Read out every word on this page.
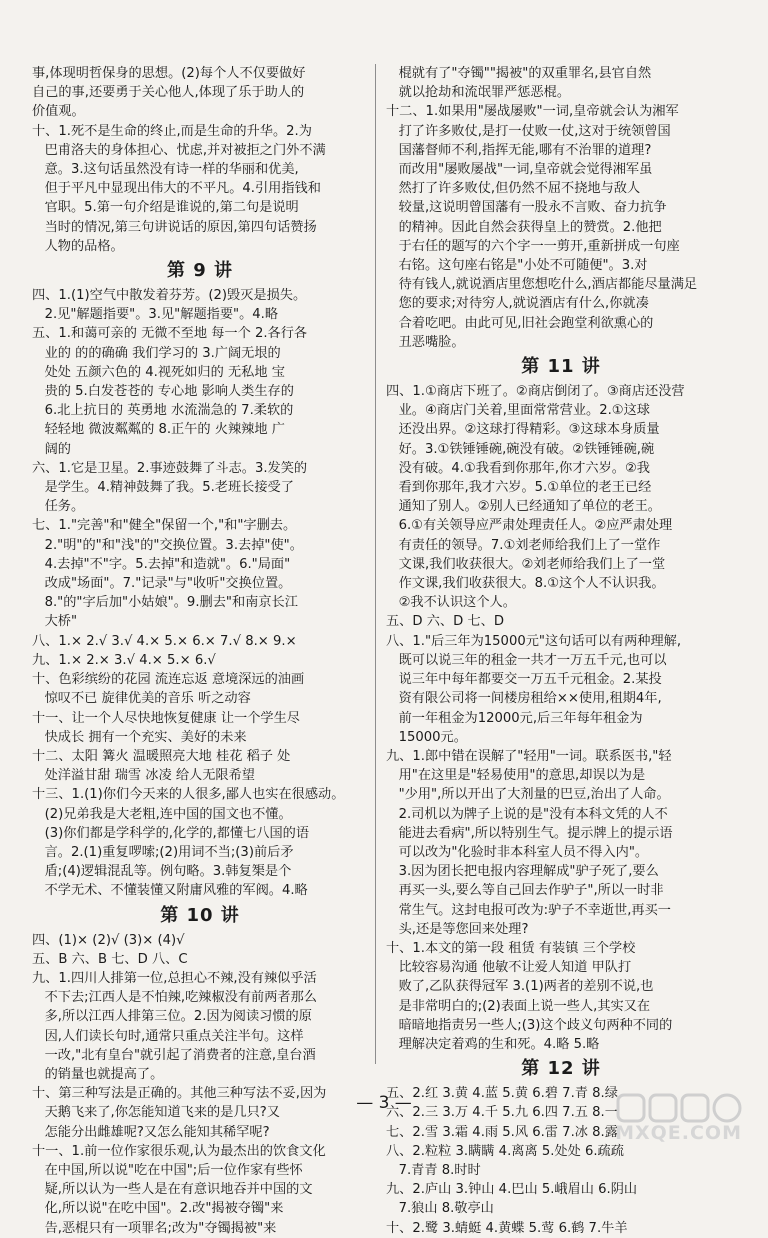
事,体现明哲保身的思想。(2)每个人不仅要做好
自己的事,还要勇于关心他人,体现了乐于助人的
价值观。
十、1.死不是生命的终止,而是生命的升华。2.为
巴甫洛夫的身体担心、忧虑,并对被拒之门外不满
意。3.这句话虽然没有诗一样的华丽和优美,
但于平凡中显现出伟大的不平凡。4.引用指钱和
官职。5.第一句介绍是谁说的,第二句是说明
当时的情况,第三句讲说话的原因,第四句话赞扬
人物的品格。
第 9 讲
四、1.(1)空气中散发着芬芳。(2)毁灭是损失。
2.见"解题指要"。3.见"解题指要"。4.略
五、1.和蔼可亲的 无微不至地 每一个 2.各行各
业的 的的确确 我们学习的 3.广阔无垠的
处处 五颜六色的 4.视死如归的 无私地 宝
贵的 5.白发苍苍的 专心地 影响人类生存的
6.北上抗日的 英勇地 水流湍急的 7.柔软的
轻轻地 微波粼粼的 8.正午的 火辣辣地 广
阔的
六、1.它是卫星。2.事迹鼓舞了斗志。3.发笑的
是学生。4.精神鼓舞了我。5.老班长接受了
任务。
七、1."完善"和"健全"保留一个,"和"字删去。
2."明"的"和"浅"的"交换位置。3.去掉"使"。
4.去掉"不"字。5.去掉"和造就"。6."局面"
改成"场面"。7."记录"与"收听"交换位置。
8."的"字后加"小姑娘"。9.删去"和南京长江
大桥"
八、1.× 2.√ 3.√ 4.× 5.× 6.× 7.√ 8.× 9.×
九、1.× 2.× 3.√ 4.× 5.× 6.√
十、色彩缤纷的花园 流连忘返 意境深远的油画
惊叹不已 旋律优美的音乐 听之动容
十一、让一个人尽快地恢复健康 让一个学生尽
快成长 拥有一个充实、美好的未来
十二、太阳 篝火 温暖照亮大地 桂花 稻子 处
处洋溢甘甜 瑞雪 冰凌 给人无限希望
十三、1.(1)你们今天来的人很多,鄙人也实在很感动。
(2)兄弟我是大老粗,连中国的国文也不懂。
(3)你们都是学科学的,化学的,都懂七八国的语
言。2.(1)重复啰嗦;(2)用词不当;(3)前后矛
盾;(4)逻辑混乱等。例句略。3.韩复榘是个
不学无术、不懂装懂又附庸风雅的军阀。4.略
第 10 讲
四、(1)× (2)√ (3)× (4)√
五、B 六、B 七、D 八、C
九、1.四川人排第一位,总担心不辣,没有辣似乎活
不下去;江西人是不怕辣,吃辣椒没有前两者那么
多,所以江西人排第三位。2.因为阅读习惯的原
因,人们读长句时,通常只重点关注半句。这样
一改,"北有皇台"就引起了消费者的注意,皇台酒
的销量也就提高了。
十、第三种写法是正确的。其他三种写法不妥,因为
天鹅飞来了,你怎能知道飞来的是几只?又
怎能分出雌雄呢?又怎么能知其稀罕呢?
十一、1.前一位作家很乐观,认为最杰出的饮食文化
在中国,所以说"吃在中国";后一位作家有些怀
疑,所以认为一些人是在有意识地吞并中国的文
化,所以说"在吃中国"。2.改"揭被夺镯"来
告,恶棍只有一项罪名;改为"夺镯揭被"来
棍就有了"夺镯""揭被"的双重罪名,县官自然
就以抢劫和流氓罪严惩恶棍。
十二、1.如果用"屡战屡败"一词,皇帝就会认为湘军
打了许多败仗,是打一仗败一仗,这对于统领曾国
国藩督师不利,指挥无能,哪有不治罪的道理?
而改用"屡败屡战"一词,皇帝就会觉得湘军虽
然打了许多败仗,但仍然不屈不挠地与敌人
较量,这说明曾国藩有一股永不言败、奋力抗争
的精神。因此自然会获得皇上的赞赏。2.他把
于右任的题写的六个字一一剪开,重新拼成一句座
右铭。这句座右铭是"小处不可随便"。3.对
待有钱人,就说酒店里您想吃什么,酒店都能尽量满足
您的要求;对待穷人,就说酒店有什么,你就凑
合着吃吧。由此可见,旧社会跑堂利欲熏心的
丑恶嘴脸。
第 11 讲
四、1.①商店下班了。②商店倒闭了。③商店还没营
业。④商店门关着,里面常常营业。2.①这球
还没出界。②这球打得精彩。③这球本身质量
好。3.①铁锤锤碗,碗没有破。②铁锤锤碗,碗
没有破。4.①我看到你那年,你才六岁。②我
看到你那年,我才六岁。5.①单位的老王已经
通知了别人。②别人已经通知了单位的老王。
6.①有关领导应严肃处理责任人。②应严肃处理
有责任的领导。7.①刘老师给我们上了一堂作
文课,我们收获很大。②刘老师给我们上了一堂
作文课,我们收获很大。8.①这个人不认识我。
②我不认识这个人。
五、D 六、D 七、D
八、1."后三年为15000元"这句话可以有两种理解,
既可以说三年的租金一共才一万五千元,也可以
说三年中每年都要交一万五千元租金。2.某投
资有限公司将一间楼房租给××使用,租期4年,
前一年租金为12000元,后三年每年租金为
15000元。
九、1.郎中错在误解了"轻用"一词。联系医书,"轻
用"在这里是"轻易使用"的意思,却误以为是
"少用",所以开出了大剂量的巴豆,治出了人命。
2.司机以为牌子上说的是"没有本科文凭的人不
能进去看病",所以特别生气。提示牌上的提示语
可以改为"化验时非本科室人员不得入内"。
3.因为团长把电报内容理解成"驴子死了,要么
再买一头,要么等自己回去作驴子",所以一时非
常生气。这封电报可改为:驴子不幸逝世,再买一
头,还是等您回来处理?
十、1.本文的第一段 租赁 有装镇 三个学校
比较容易沟通 他敏不让爱人知道 甲队打
败了,乙队获得冠军 3.(1)两者的差别不说,也
是非常明白的;(2)表面上说一些人,其实又在
暗暗地指责另一些人;(3)这个歧义句两种不同的
理解决定着鸡的生和死。4.略 5.略
第 12 讲
五、2.红 3.黄 4.蓝 5.黄 6.碧 7.青 8.绿
六、2.三 3.万 4.千 5.九 6.四 7.五 8.一
七、2.雪 3.霜 4.雨 5.风 6.雷 7.冰 8.露
八、2.粒粒 3.瞒瞒 4.离离 5.处处 6.疏疏
7.青青 8.时时
九、2.庐山 3.钟山 4.巴山 5.峨眉山 6.阴山
7.狼山 8.敬亭山
十、2.鹭 3.蜻蜓 4.黄蝶 5.莺 6.鹤 7.牛羊
— 3 —
MXQE.COM
